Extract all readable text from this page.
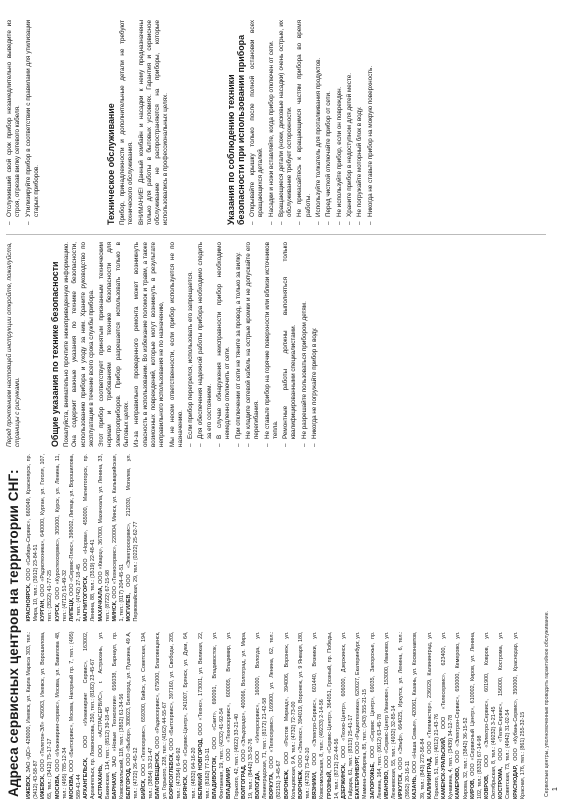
Адреса сервисных центров на территории СНГ: ИЖЕВСК, ЗАО «ДС» 426000, Ижевск, ул. Карла Маркса 303, тел.: (3412) 43-58-87 ИЖЕВСК, ООО «Телетон-ЭЛ» 426063, Ижевск, ул. Ворошилова, 65, тел.: (3412) 75-17-17 МОСКВА, ООО «Инжиниринг-сервис», Москва, ул. Вавилова 48, тел.: (495) 785-12-34 МОСКВА, ООО «Бытсервис», Москва, Нагорный пр. 7, тел.: (495) 589-41-44 АРХАНГЕЛЬСК, ООО «Инжиниринг Сервис», 163002, Архангельск, пр. Ломоносова, 250, тел.: (8182) 23-45-67 АСТРАХАНЬ, ООО «АСТРАСЕРВИС», г. Астрахань, ул. Бакинская, 114, тел.: (8512) 39-18-45 БАРНАУЛ, ЗАО «Новые Технологии» 656038, Барнаул, пр. Комсомольский, 118, тел.: (3852) 61-34-56 БЕЛГОРОД, ООО «Выбор», 308023, Белгород, ул. Пушкина, 49 А, тел.: (4722) 26-45-12 БИЙСК, ООО «Телесервис», 659300, Бийск, ул. Советская, 194, тел.: (3854) 33-21-47 БЛАГОВЕЩЕНСК, ООО «Радиосервис», 675000, Благовещенск, ул. Горького, 228, тел.: (4162) 44-55-67 БОРИСОГЛЕБСК, ООО «Бытсервис», 397160, ул. Свободы, 205, тел.: (47354) 6-48-92 БРЯНСК, ООО «Сервис-Центр», 241007, Брянск, ул. Дуки, 64, тел.: (4832) 64-16-20 ВЕЛИКИЙ НОВГОРОД, ООО «Техно», 173001, ул. Великая, 22, тел.: (8162) 77-10-11 ВЛАДИВОСТОК, ООО «Саит», 690091, Владивосток, ул. Фонтанная, 19, тел.: (4232) 41-92-54 ВЛАДИМИР, ООО «Техносервис», 600005, Владимир, ул. Горького, 42, тел.: (4922) 33-21-40 ВОЛГОГРАД, ООО «Эльдорадо», 400066, Волгоград, ул. Мира, 19, тел.: (8442) 33-52-76 ВОЛОГДА, ООО «Интерсервис», 160000, Вологда, ул. Ленинградская, 71, тел.: (8172) 21-42-58 ВОРКУТА, ООО «Телесервис», 169900, ул. Ленина, 62, тел.: (82151) 3-45-67 ВОРОНЕЖ, ООО «Ростов Мириад», 394006, Воронеж, ул. Кольцовская, 9 А, тел.: (4732) 72-73-00 ВОРОНЕЖ, ООО «Эльтекс», 394019, Воронеж, ул. 9 Января, 180, тел.: (4732) 73-42-10 ВЯЗНИКИ, ООО «Электро-Сервис», 601440, Вязники, ул. Комсомольская, 8, тел.: (49233) 2-14-56 ГРОЗНЫЙ, ООО «Сервис-Центр», 364051, Грозный, пр. Победы, 14, тел.: (8712) 22-44-56 ДЗЕРЖИНСК, ООО «Техно-Центр», 606000, Дзержинск, ул. Гайдара, 61, тел.: (8313) 25-41-17 ЕКАТЕРИНБУРГ, ООО «Радиотехника», 620027, Екатеринбург, ул. Мамина-Сибиряка, 85, тел.: (343) 355-21-15 ЗАПОРОЖЬЕ, ООО «Сервис Центр», 69035, Запорожье, пр. Ленина, 164, тел.: (0612) 63-45-78 ИВАНОВО, ООО «Сервис-Центр Иваново», 153000, Иваново, ул. Лежневская, 55, тел.: (4932) 32-85-14 ИРКУТСК, ООО «Эльф», 664025, Иркутск, ул. Ленина, 6, тел.: (3952) 20-16-11 КАЗАНЬ, ООО «Наша Семья», 420061, Казань, ул. Космонавтов, 39, тел.: (843) 272-56-84 КАЛИНИНГРАД, ООО «Телемастер», 236029, Калининград, ул. Горького, 51, тел.: (4012) 21-43-76 КАМЕНСК-УРАЛЬСКИЙ, ООО «Телесервис», 623400, ул. Кунавина, 4, тел.: (3439) 34-12-78 КАМЕРОВО, ООО «Электрон-Сервис», 650000, Кемерово, ул. Кирова, 32, тел.: (3842) 36-15-52 КИРОВ, ООО «Сервисный Центр», 610002, Киров, ул. Ленина, 102, тел.: (8332) 67-14-98 КОВРОВ, ООО «Электро-Сервис», 601900, Ковров, ул. Октябрьская, 8, тел.: (49232) 3-21-45 КОСТРОМА, ООО «Теле-Сервис», 156000, Кострома, ул. Советская, 73, тел.: (4942) 31-02-54 КРАСНОДАР, ООО «Кубань-Сервис», 350000, Краснодар, ул. Красная, 176, тел.: (861) 255-32-15

КРАСНОЯРСК, ООО «Сибирь-Сервис», 660049, Красноярск, пр. Мира, 10, тел.: (3912) 23-84-51 КУРГАН, ООО «Радиотехника», 640000, Курган, ул. Гоголя, 107, тел.: (3522) 41-77-25 КУРСК, ООО «Курсктехсервис», 305000, Курск, ул. Ленина, 11, тел.: (4712) 51-49-32 ЛИПЕЦК, ООО «Сервис-Плюс», 398002, Липецк, ул. Ворошилова, 2, тел.: (4742) 27-18-45 МАГНИТОГОРСК, ООО «Норма», 455000, Магнитогорск, пр. Ленина, 88, тел.: (3519) 22-48-41 МАХАЧКАЛА, ООО «Кварц», 367000, Махачкала, ул. Ленина, 33, тел.: (8722) 67-15-98 МИНСК, ООО «Техносервис», 220004, Минск, ул. Кальварийская, 1, тел.: (017) 204-45-51 МОГИЛЕВ, ООО «Электросервис», 212030, Могилев, ул. Первомайская, 29, тел.: (0222) 25-62-77

Перед прочтением настоящей инструкции откройте, пожалуйста, страницы с рисунками.	Общие указания по технике безопасности Пожалуйста, внимательно прочтите нижеприведенную информацию. Она содержит важные указания по технике безопасности, использованию прибора и уходу за ним. Храните руководство по эксплуатации в течение всего срока службы прибора. Этот прибор соответствует принятым признанным техническим нормам и требованиям по технике безопасности для электроприборов. Прибор разрешается использовать только в бытовых целях. Из-за неправильно проведенного ремонта может возникнуть опасность в использовании. Во избежание поломок и травм, а также возможных повреждений, которые могут возникнуть в результате неправильного использования не по назначению, Мы не несем ответственности, если прибор используется не по назначению. – Если прибор перегрелся, использовать его запрещается. – Для обеспечения надежной работы прибора необходимо следить за его состоянием. – В случае обнаружения неисправности прибор необходимо немедленно отключить от сети. – При отключении от сети не тяните за провод, а только за вилку. – Не кладите сетевой кабель на острые кромки и не допускайте его перегибания. – Не ставьте прибор на горячие поверхности или вблизи источников тепла. – Ремонтные работы должны выполняться только квалифицированными специалистами. – Не разрешайте пользоваться прибором детям. – Никогда не погружайте прибор в воду.
– Отслуживший свой срок прибор незамедлительно выведите из строя, отрезав вилку сетевого кабеля. – Утилизируйте прибор в соответствии с правилами для утилизации старых приборов.	Техническое обслуживание Прибор, принадлежности и дополнительные детали не требуют технического обслуживания. ВНИМАНИЕ! Данный комбайн и насадки к нему предназначены только для работы в бытовых условиях. Гарантия и сервисное обслуживание не распространяются на приборы, которые использовались в профессиональных целях.	Указания по соблюдению техники безопасности при использовании прибора – Открывайте крышку только после полной остановки всех вращающихся деталей. – Насадки и ножи вставляйте, когда прибор отключен от сети. – Вращающиеся детали (ножи, дисковые насадки) очень острые, их обслуживание требует осторожности. – Не прикасайтесь к вращающимся частям прибора во время работы. – Используйте толкатель для проталкивания продуктов. – Перед чисткой отключайте прибор от сети. – Не используйте прибор, если он поврежден. – Храните прибор в недоступном для детей месте. – Не погружайте моторный блок в воду. – Никогда не ставьте прибор на мокрую поверхность.
Сервисные центры, уполномоченные проводить гарантийное обслуживание. 1
